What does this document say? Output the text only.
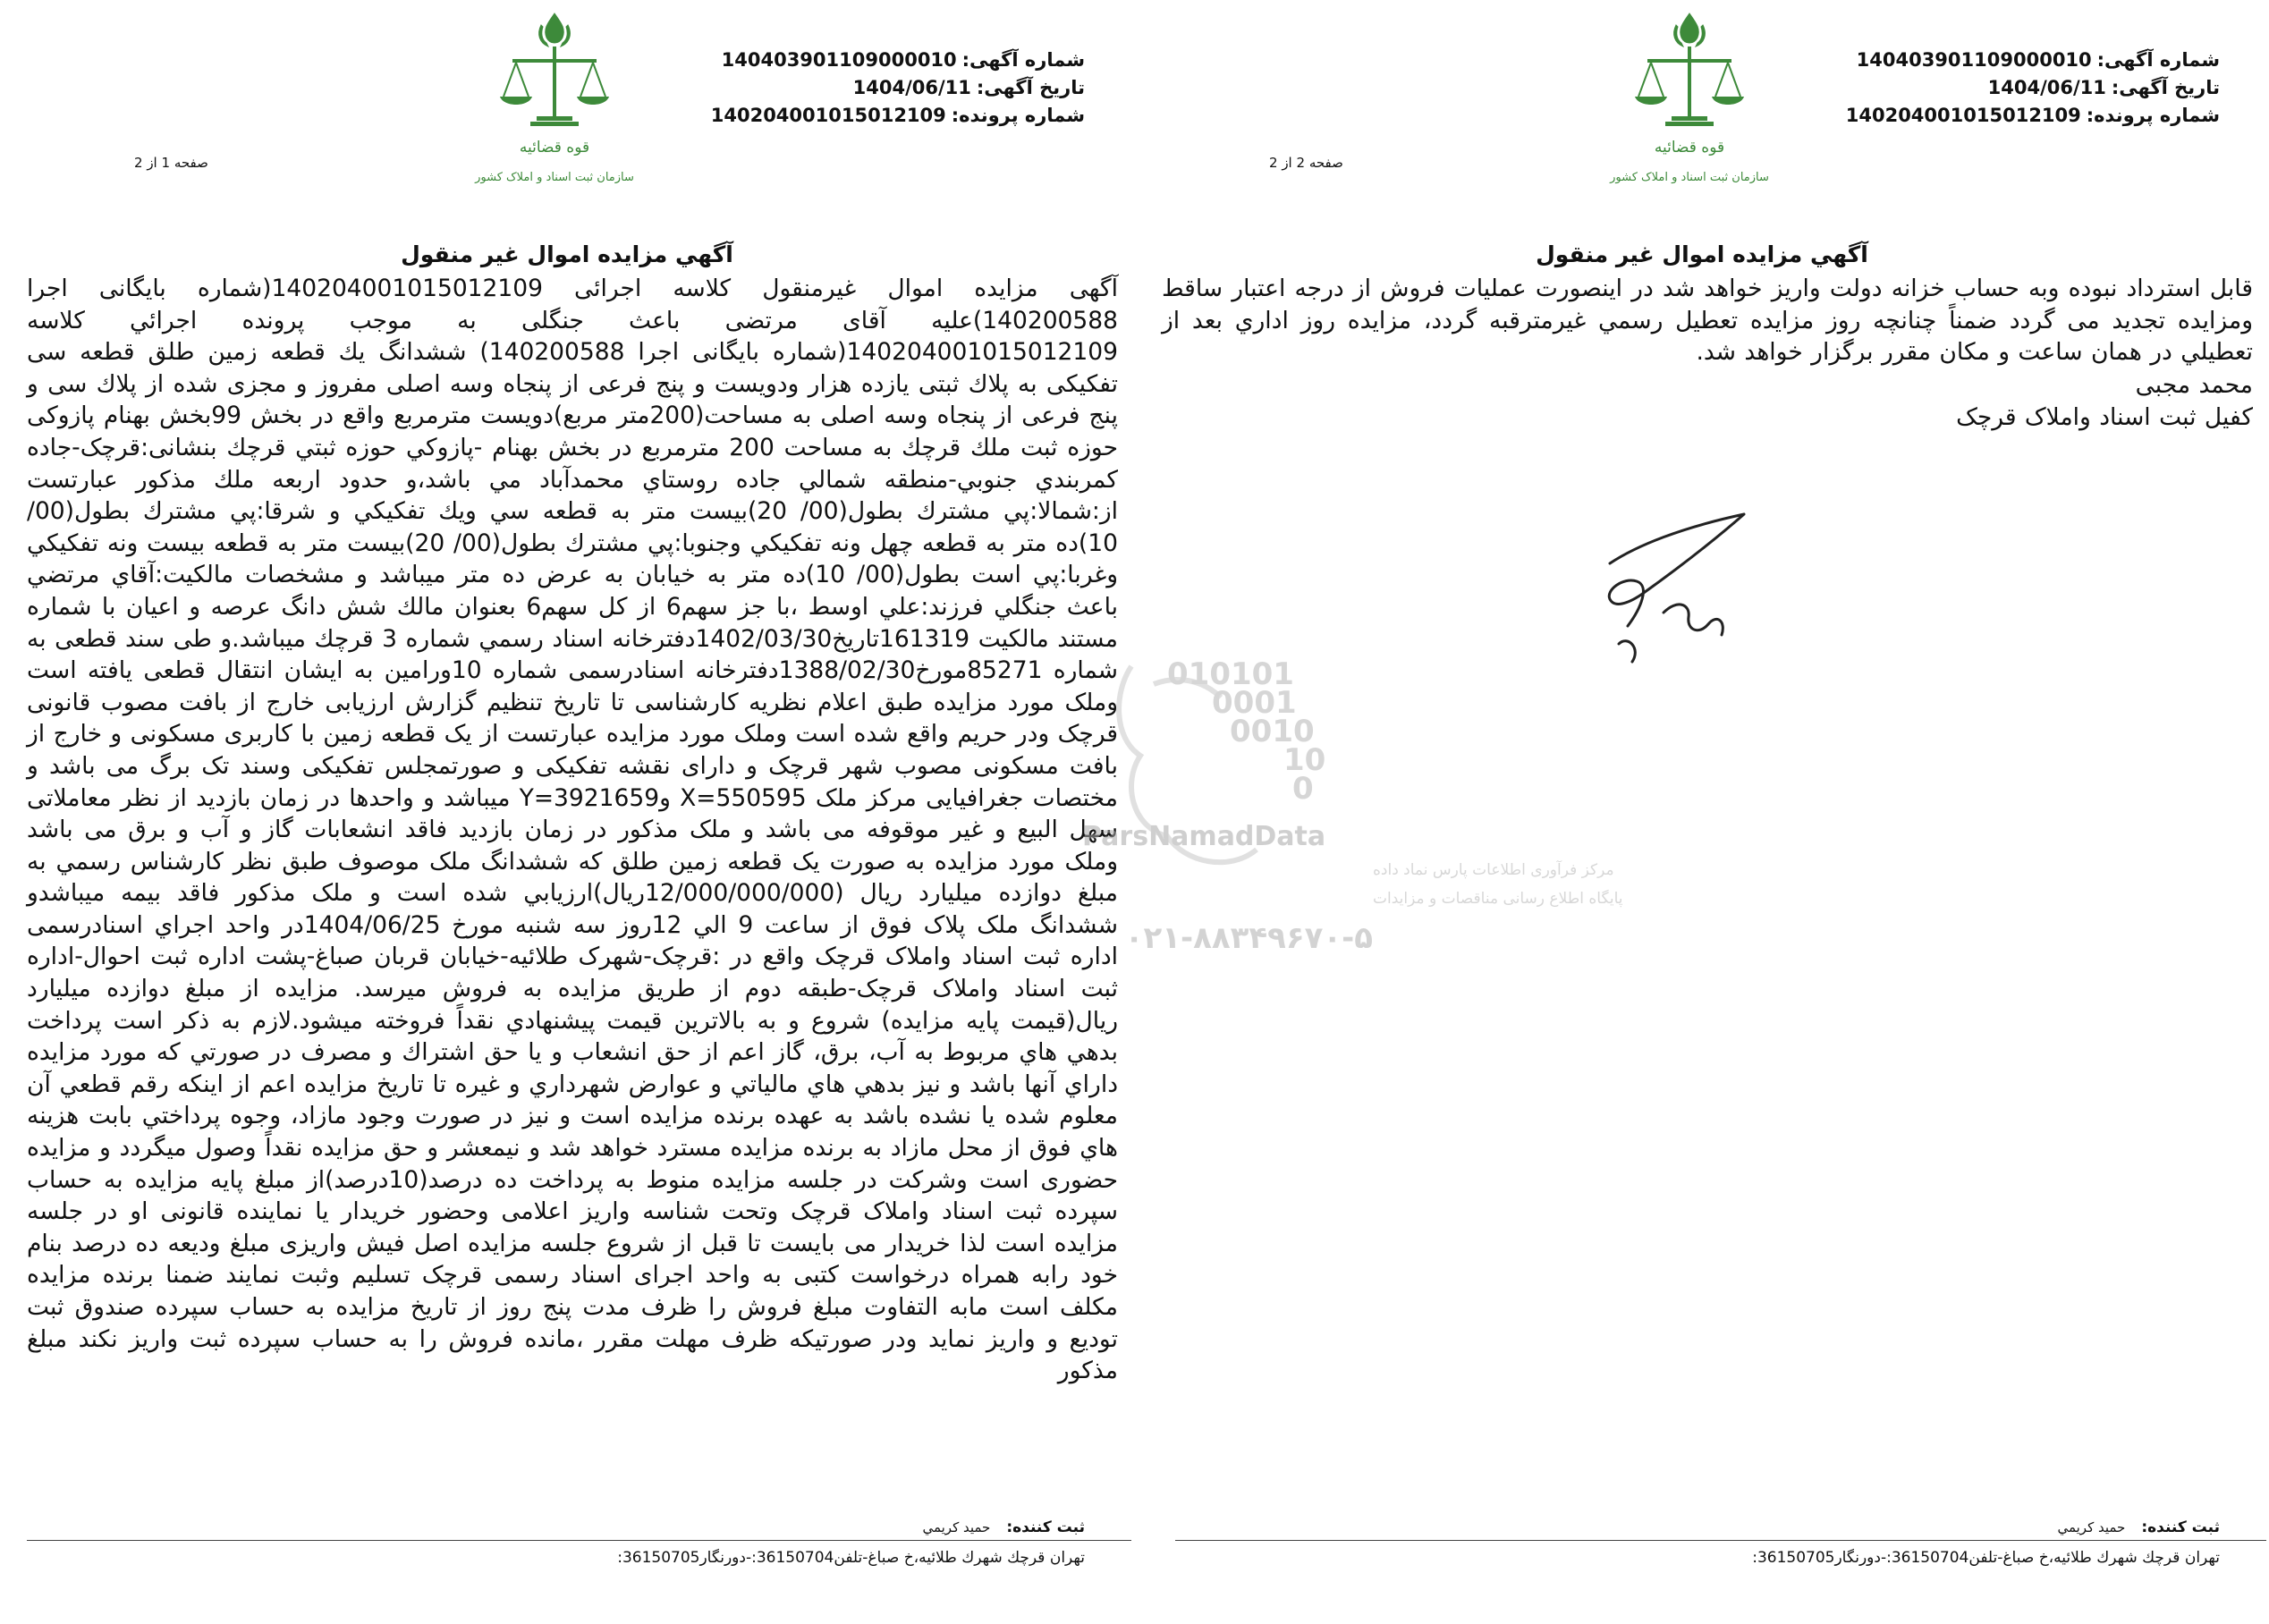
شماره آگهی:140403901109000010
تاریخ آگهی:1404/06/11
شماره پرونده:140204001015012109
قوه قضائیه
سازمان ثبت اسناد و املاک کشور
صفحه 1 از 2
آگهي مزايده اموال غير منقول
آگهی مزایده اموال غیرمنقول کلاسه اجرائی 140204001015012109(شماره بایگانی اجرا 140200588)علیه آقای مرتضی باعث جنگلی به موجب پرونده اجرائي كلاسه 140204001015012109(شماره بايگانى اجرا 140200588) ششدانگ یك قطعه زمین طلق قطعه سی تفکیکی به پلاك ثبتی یازده هزار ودویست و پنج فرعی از پنجاه وسه اصلی مفروز و مجزی شده از پلاك سی و پنج فرعی از پنجاه وسه اصلی به مساحت(200متر مربع)دويست مترمربع واقع در بخش 99بخش بهنام پازوکی حوزه ثبت ملك قرچك به مساحت 200 مترمربع در بخش بهنام -پازوكي حوزه ثبتي قرچك بنشانی:قرچک-جاده كمربندي جنوبي-منطقه شمالي جاده روستاي محمدآباد مي باشد،و حدود اربعه ملك مذكور عبارتست از:شمالا:پي مشترك بطول(00/ 20)بيست متر به قطعه سي ويك تفكيكي و شرقا:پي مشترك بطول(00/ 10)ده متر به قطعه چهل ونه تفكيكي وجنوبا:پي مشترك بطول(00/ 20)بيست متر به قطعه بيست ونه تفكيكي وغربا:پي است بطول(00/ 10)ده متر به خيابان به عرض ده متر ميباشد و مشخصات مالكيت:آقاي مرتضي باعث جنگلي فرزند:علي اوسط ،با جز سهم6 از كل سهم6 بعنوان مالك شش دانگ عرصه و اعيان با شماره مستند مالكيت 161319تاريخ1402/03/30دفترخانه اسناد رسمي شماره 3 قرچك ميباشد.و طی سند قطعی به شماره 85271مورخ1388/02/30دفترخانه اسنادرسمی شماره 10ورامین به ایشان انتقال قطعی یافته است وملک مورد مزایده طبق اعلام نظریه کارشناسی تا تاریخ تنظیم گزارش ارزیابی خارج از بافت مصوب قانونی قرچک ودر حریم واقع شده است وملک مورد مزایده عبارتست از یک قطعه زمین با کاربری مسکونی و خارج از بافت مسکونی مصوب شهر قرچک و دارای نقشه تفکیکی و صورتمجلس تفکیکی وسند تک برگ می باشد و مختصات جغرافیایی مرکز ملک X=550595 وY=3921659 میباشد و واحدها در زمان بازدید از نظر معاملاتی سهل البیع و غیر موقوفه می باشد و ملک مذکور در زمان بازدید فاقد انشعابات گاز و آب و برق می باشد وملک مورد مزایده به صورت یک قطعه زمین طلق که ششدانگ ملک موصوف طبق نظر کارشناس رسمي به مبلغ دوازده ميليارد ريال (12/000/000/000ريال)ارزيابي شده است و ملک مذکور فاقد بیمه میباشدو ششدانگ ملک پلاک فوق از ساعت 9 الي 12روز سه شنبه مورخ 1404/06/25در واحد اجراي اسنادرسمی اداره ثبت اسناد واملاک قرچک واقع در :قرچک-شهرک طلائیه-خیابان قربان صباغ-پشت اداره ثبت احوال-اداره ثبت اسناد واملاک قرچک-طبقه دوم از طريق مزايده به فروش ميرسد. مزايده از مبلغ دوازده ميليارد ريال(قيمت پايه مزايده) شروع و به بالاترين قيمت پيشنهادي نقداً فروخته ميشود.لازم به ذكر است پرداخت بدهي هاي مربوط به آب، برق، گاز اعم از حق انشعاب و يا حق اشتراك و مصرف در صورتي كه مورد مزايده داراي آنها باشد و نيز بدهي هاي مالياتي و عوارض شهرداري و غيره تا تاريخ مزايده اعم از اينكه رقم قطعي آن معلوم شده يا نشده باشد به عهده برنده مزايده است و نيز در صورت وجود مازاد، وجوه پرداختي بابت هزينه هاي فوق از محل مازاد به برنده مزايده مسترد خواهد شد و نيمعشر و حق مزايده نقداً وصول ميگردد و مزایده حضوری است وشرکت در جلسه مزایده منوط به پرداخت ده درصد(10درصد)از مبلغ پایه مزایده به حساب سپرده ثبت اسناد واملاک قرچک وتحت شناسه واریز اعلامی وحضور خریدار یا نماینده قانونی او در جلسه مزایده است لذا خریدار می بایست تا قبل از شروع جلسه مزایده اصل فیش واریزی مبلغ ودیعه ده درصد بنام خود رابه همراه درخواست کتبی به واحد اجرای اسناد رسمی قرچک تسلیم وثبت نمایند ضمنا برنده مزایده مکلف است مابه التفاوت مبلغ فروش را ظرف مدت پنج روز از تاریخ مزایده به حساب سپرده صندوق ثبت تودیع و واریز نماید ودر صورتیکه ظرف مهلت مقرر ،مانده فروش را به حساب سپرده ثبت واریز نکند مبلغ مذکور
ثبت کننده:حمید کریمي
تهران قرچك شهرك طلائيه،خ صباغ-تلفن36150704:-دورنگار36150705:
شماره آگهی:140403901109000010
تاریخ آگهی:1404/06/11
شماره پرونده:140204001015012109
قوه قضائیه
سازمان ثبت اسناد و املاک کشور
صفحه 2 از 2
آگهي مزايده اموال غير منقول
قابل استرداد نبوده وبه حساب خزانه دولت واریز خواهد شد در اینصورت عملیات فروش از درجه اعتبار ساقط ومزایده تجدید می گردد ضمناً چنانچه روز مزایده تعطیل رسمي غيرمترقبه گردد، مزايده روز اداري بعد از تعطيلي در همان ساعت و مكان مقرر برگزار خواهد شد.
محمد مجبی
کفیل ثبت اسناد واملاک قرچک
ثبت کننده:حمید کریمي
تهران قرچك شهرك طلائيه،خ صباغ-تلفن36150704:-دورنگار36150705:
010101
0001
0010
10
0
ParsNamadData
مرکز فرآوری اطلاعات پارس نماد داده
پایگاه اطلاع رسانی مناقصات و مزایدات
۰۲۱-۸۸۳۴۹۶۷۰-۵
